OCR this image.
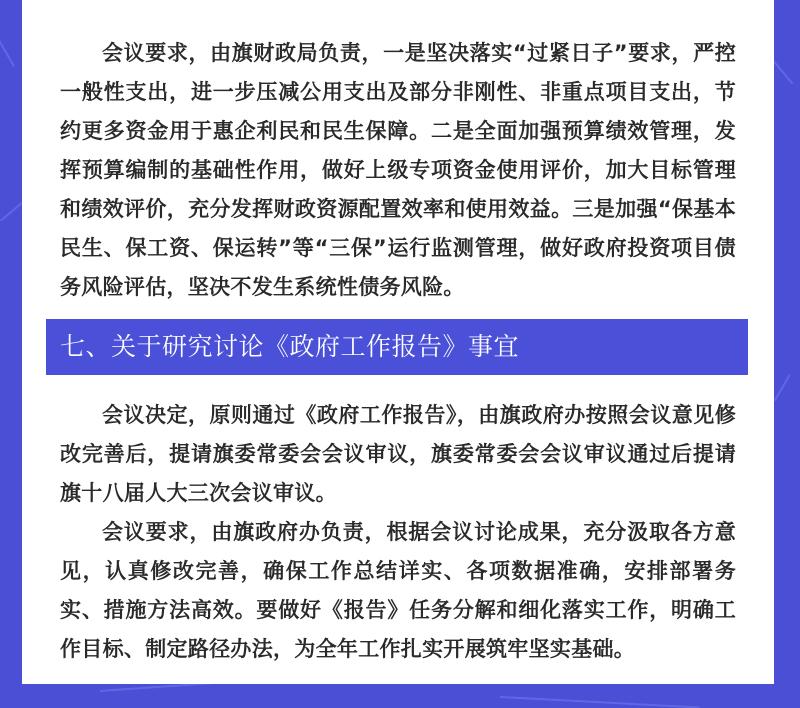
会议要求，由旗财政局负责，一是坚决落实“过紧日子”要求，严控一般性支出，进一步压减公用支出及部分非刚性、非重点项目支出，节约更多资金用于惠企利民和民生保障。二是全面加强预算绩效管理，发挥预算编制的基础性作用，做好上级专项资金使用评价，加大目标管理和绩效评价，充分发挥财政资源配置效率和使用效益。三是加强“保基本民生、保工资、保运转”等“三保”运行监测管理，做好政府投资项目债务风险评估，坚决不发生系统性债务风险。

七、关于研究讨论《政府工作报告》事宜

会议决定，原则通过《政府工作报告》，由旗政府办按照会议意见修改完善后，提请旗委常委会会议审议，旗委常委会会议审议通过后提请旗十八届人大三次会议审议。

会议要求，由旗政府办负责，根据会议讨论成果，充分汲取各方意见，认真修改完善，确保工作总结详实、各项数据准确，安排部署务实、措施方法高效。要做好《报告》任务分解和细化落实工作，明确工作目标、制定路径办法，为全年工作扎实开展筑牢坚实基础。
